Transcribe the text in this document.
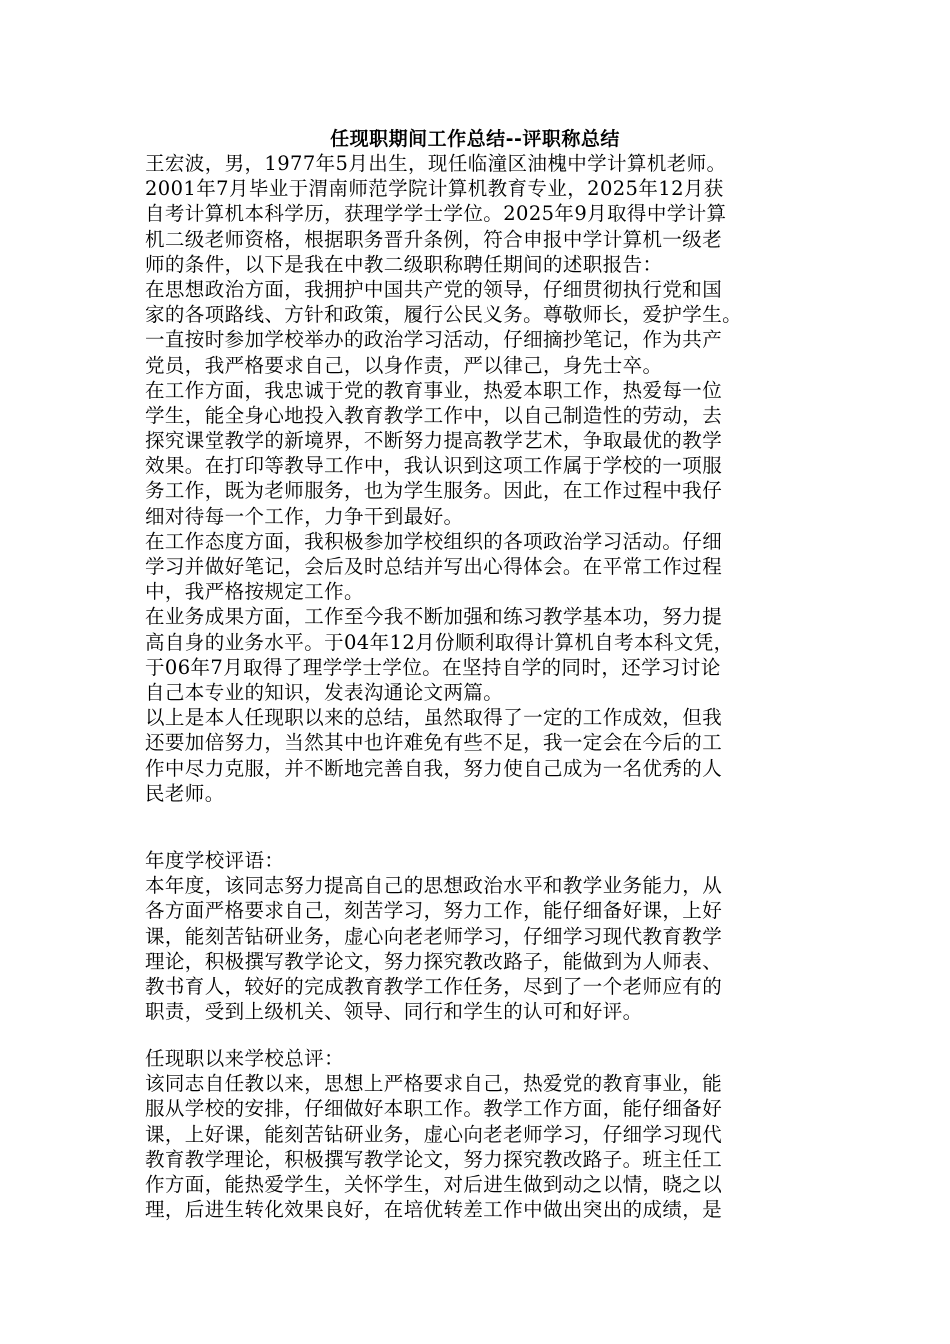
任现职期间工作总结--评职称总结
王宏波，男，1977年5月出生，现任临潼区油槐中学计算机老师。
2001年7月毕业于渭南师范学院计算机教育专业，2025年12月获
自考计算机本科学历，获理学学士学位。2025年9月取得中学计算
机二级老师资格，根据职务晋升条例，符合申报中学计算机一级老
师的条件，以下是我在中教二级职称聘任期间的述职报告：
在思想政治方面，我拥护中国共产党的领导，仔细贯彻执行党和国
家的各项路线、方针和政策，履行公民义务。尊敬师长，爱护学生。
一直按时参加学校举办的政治学习活动，仔细摘抄笔记，作为共产
党员，我严格要求自己，以身作责，严以律己，身先士卒。
在工作方面，我忠诚于党的教育事业，热爱本职工作，热爱每一位
学生，能全身心地投入教育教学工作中，以自己制造性的劳动，去
探究课堂教学的新境界，不断努力提高教学艺术，争取最优的教学
效果。在打印等教导工作中，我认识到这项工作属于学校的一项服
务工作，既为老师服务，也为学生服务。因此，在工作过程中我仔
细对待每一个工作，力争干到最好。
在工作态度方面，我积极参加学校组织的各项政治学习活动。仔细
学习并做好笔记，会后及时总结并写出心得体会。在平常工作过程
中，我严格按规定工作。
在业务成果方面，工作至今我不断加强和练习教学基本功，努力提
高自身的业务水平。于04年12月份顺利取得计算机自考本科文凭，
于06年7月取得了理学学士学位。在坚持自学的同时，还学习讨论
自己本专业的知识，发表沟通论文两篇。
以上是本人任现职以来的总结，虽然取得了一定的工作成效，但我
还要加倍努力，当然其中也许难免有些不足，我一定会在今后的工
作中尽力克服，并不断地完善自我，努力使自己成为一名优秀的人
民老师。
年度学校评语：
本年度，该同志努力提高自己的思想政治水平和教学业务能力，从
各方面严格要求自己，刻苦学习，努力工作，能仔细备好课，上好
课，能刻苦钻研业务，虚心向老老师学习，仔细学习现代教育教学
理论，积极撰写教学论文，努力探究教改路子，能做到为人师表、
教书育人，较好的完成教育教学工作任务，尽到了一个老师应有的
职责，受到上级机关、领导、同行和学生的认可和好评。
任现职以来学校总评：
该同志自任教以来，思想上严格要求自己，热爱党的教育事业，能
服从学校的安排，仔细做好本职工作。教学工作方面，能仔细备好
课，上好课，能刻苦钻研业务，虚心向老老师学习，仔细学习现代
教育教学理论，积极撰写教学论文，努力探究教改路子。班主任工
作方面，能热爱学生，关怀学生，对后进生做到动之以情，晓之以
理，后进生转化效果良好，在培优转差工作中做出突出的成绩，是
